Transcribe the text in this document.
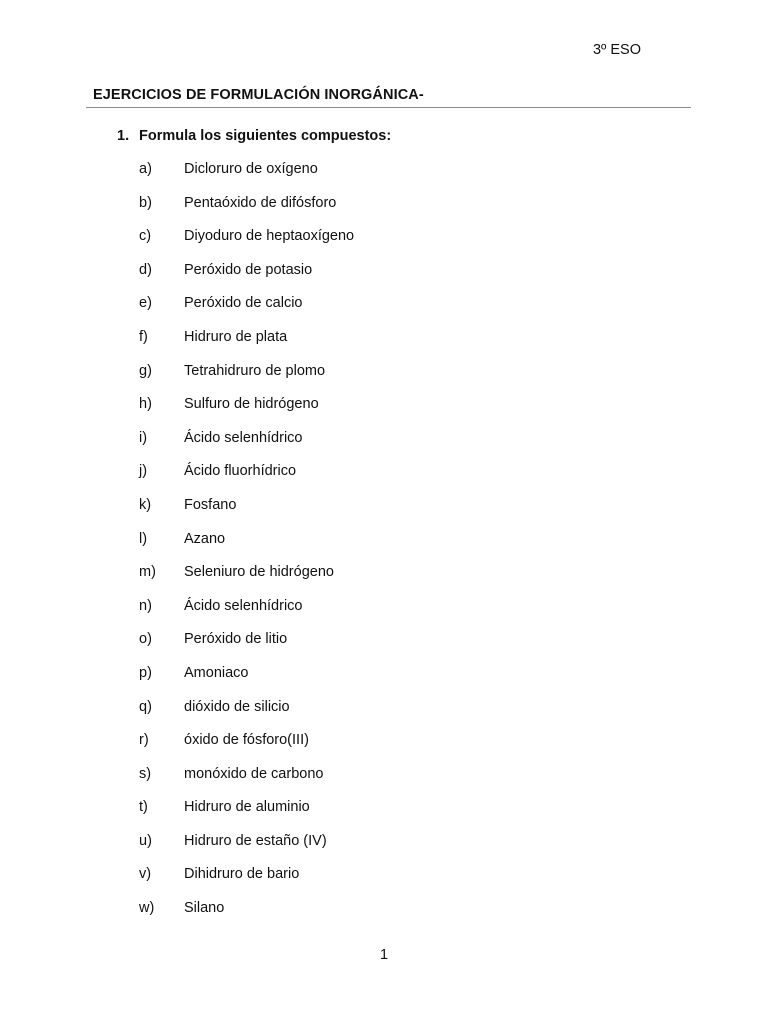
3º ESO
EJERCICIOS DE FORMULACIÓN INORGÁNICA-
1. Formula los siguientes compuestos:
a)	Dicloruro de oxígeno
b)	Pentaóxido de difósforo
c)	Diyoduro de heptaoxígeno
d)	Peróxido de potasio
e)	Peróxido de calcio
f)	Hidruro de plata
g)	Tetrahidruro de plomo
h)	Sulfuro de hidrógeno
i)	Ácido selenhídrico
j)	Ácido fluorhídrico
k)	Fosfano
l)	Azano
m)	Seleniuro de hidrógeno
n)	Ácido selenhídrico
o)	Peróxido de litio
p)	Amoniaco
q)	dióxido de silicio
r)	óxido de fósforo(III)
s)	monóxido de carbono
t)	Hidruro de aluminio
u)	Hidruro de estaño (IV)
v)	Dihidruro de bario
w)	Silano
1
